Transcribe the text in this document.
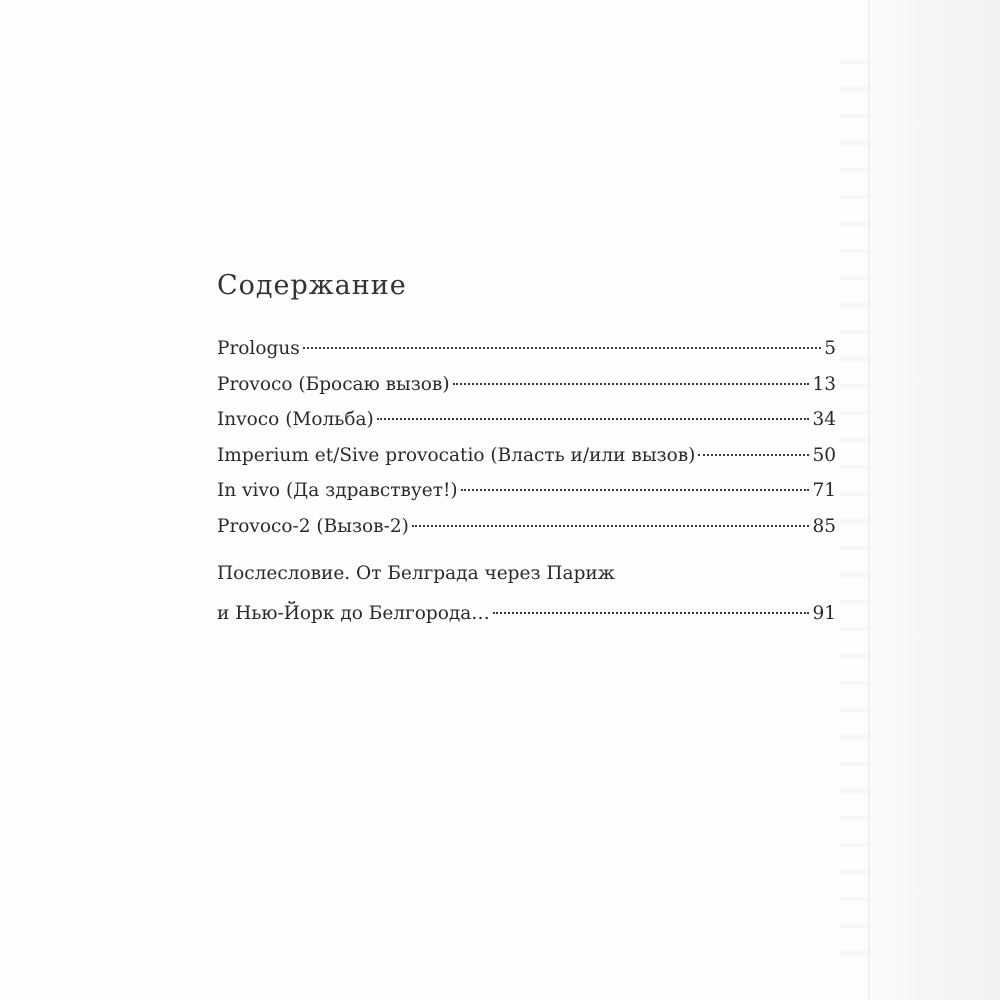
Содержание
Prologus	5
Provoco (Бросаю вызов)	13
Invoco (Мольба)	34
Imperium et/Sive provocatio (Власть и/или вызов)	50
In vivo (Да здравствует!)	71
Provoco-2 (Вызов-2)	85
Послесловие. От Белграда через Париж
и Нью-Йорк до Белгорода…	91
